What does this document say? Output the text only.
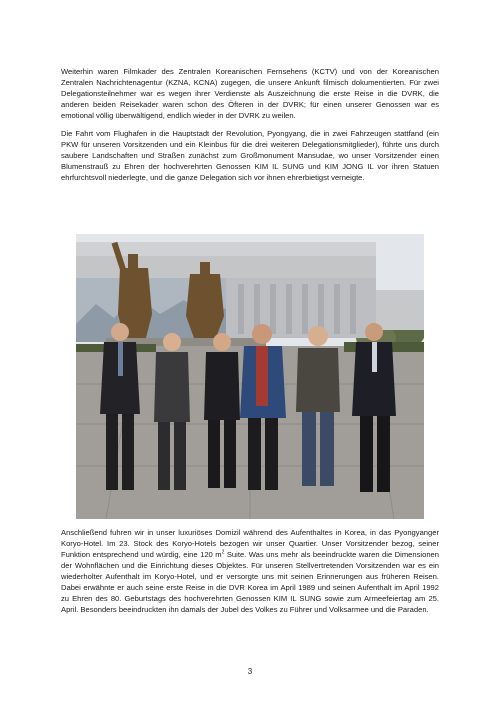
Weiterhin waren Filmkader des Zentralen Koreanischen Fernsehens (KCTV) und von der Koreanischen Zentralen Nachrichtenagentur (KZNA, KCNA) zugegen, die unsere Ankunft filmisch dokumentierten. Für zwei Delegationsteilnehmer war es wegen ihrer Verdienste als Auszeichnung die erste Reise in die DVRK, die anderen beiden Reisekader waren schon des Öfteren in der DVRK; für einen unserer Genossen war es emotional völlig überwältigend, endlich wieder in der DVRK zu weilen.

Die Fahrt vom Flughafen in die Hauptstadt der Revolution, Pyongyang, die in zwei Fahrzeugen stattfand (ein PKW für unseren Vorsitzenden und ein Kleinbus für die drei weiteren Delegationsmitglieder), führte uns durch saubere Landschaften und Straßen zunächst zum Großmonument Mansudae, wo unser Vorsitzender einen Blumenstrauß zu Ehren der hochverehrten Genossen KIM IL SUNG und KIM JONG IL vor ihren Statuen ehrfurchtsvoll niederlegte, und die ganze Delegation sich vor ihnen ehrerbietigst verneigte.

Anschließend fuhren wir in unser luxuriöses Domizil während des Aufenthaltes in Korea, in das Pyongyanger Koryo-Hotel. Im 23. Stock des Koryo-Hotels bezogen wir unser Quartier. Unser Vorsitzender bezog, seiner Funktion entsprechend und würdig, eine 120 $m^2$ Suite. Was uns mehr als beeindruckte waren die Dimensionen der Wohnflächen und die Einrichtung dieses Objektes. Für unseren Stellvertretenden Vorsitzenden war es ein wiederholter Aufenthalt im Koryo-Hotel, und er versorgte uns mit seinen Erinnerungen aus früheren Reisen. Dabei erwähnte er auch seine erste Reise in die DVR Korea im April 1989 und seinen Aufenthalt im April 1992 zu Ehren des 80. Geburtstags des hochverehrten Genossen KIM IL SUNG sowie zum Armeefeiertag am 25. April. Besonders beeindruckten ihn damals der Jubel des Volkes zu Führer und Volksarmee und die Paraden.

3
